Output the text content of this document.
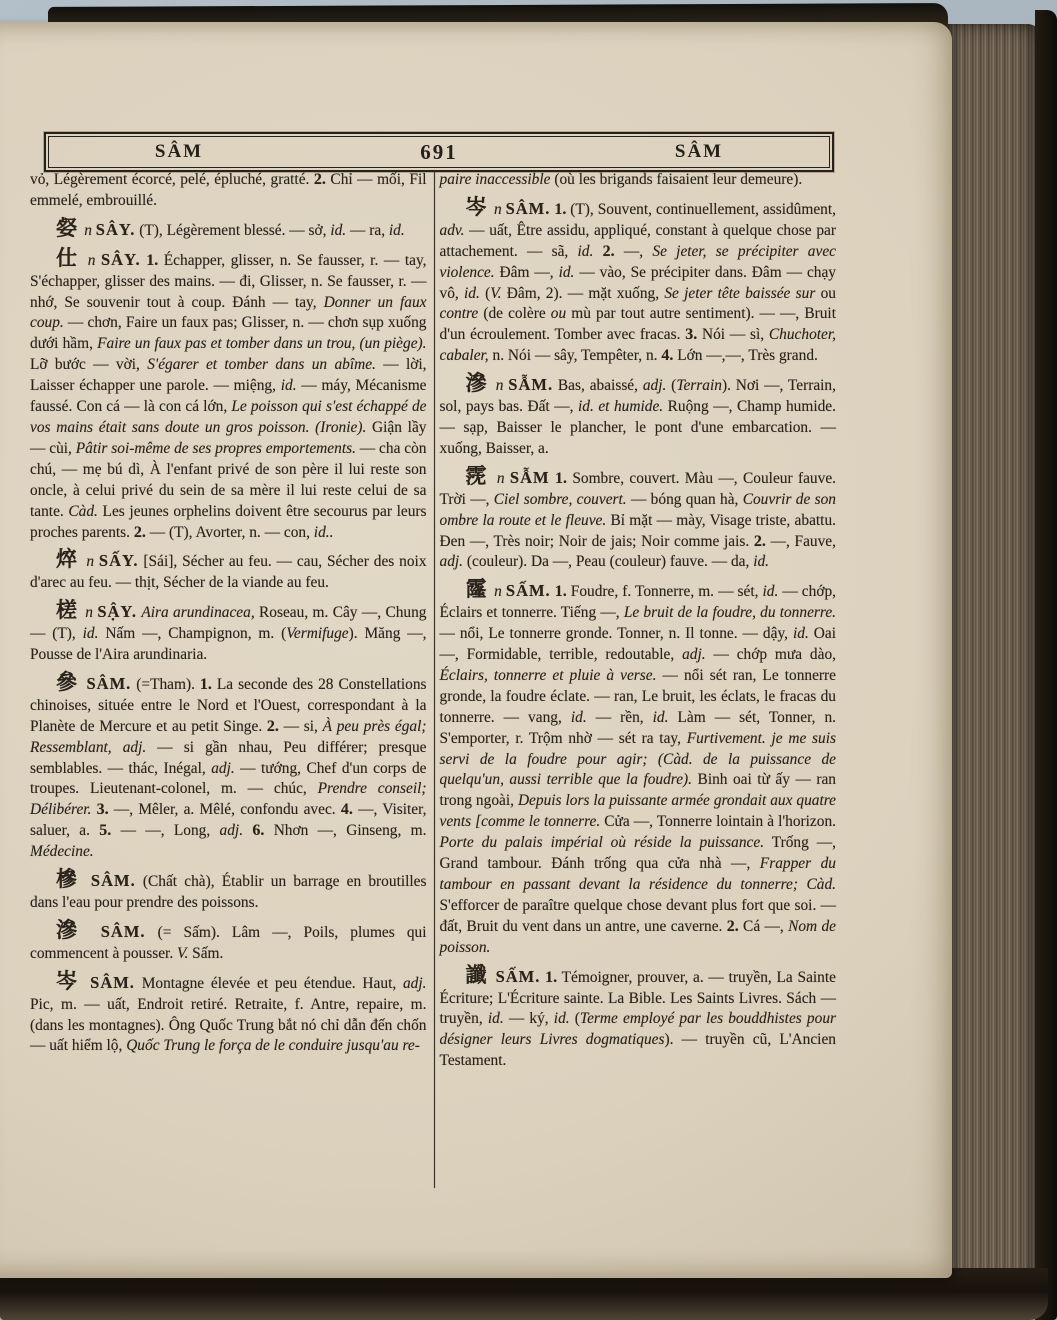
SÂM	691	SÂM

vỏ, Légèrement écorcé, pelé, épluché, gratté. 2. Chỉ — mối, Fil emmelé, embrouillé.

㛑 n SÂY. (T), Légèrement blessé. — sở, id. — ra, id.

仕 n SÂY. 1. Échapper, glisser, n. Se fausser, r. — tay, S'échapper, glisser des mains. — đi, Glisser, n. Se fausser, r. — nhớ, Se souvenir tout à coup. Đánh — tay, Donner un faux coup. — chơn, Faire un faux pas; Glisser, n. — chơn sụp xuống dưới hầm, Faire un faux pas et tomber dans un trou, (un piège). Lỡ bước — vời, S'égarer et tomber dans un abîme. — lời, Laisser échapper une parole. — miệng, id. — máy, Mécanisme faussé. Con cá — là con cá lớn, Le poisson qui s'est échappé de vos mains était sans doute un gros poisson. (Ironie). Giận lầy — cùi, Pâtir soi-même de ses propres emportements. — cha còn chú, — mẹ bú dì, À l'enfant privé de son père il lui reste son oncle, à celui privé du sein de sa mère il lui reste celui de sa tante. Càd. Les jeunes orphelins doivent être secourus par leurs proches parents. 2. — (T), Avorter, n. — con, id..

焠 n SẤY. [Sái], Sécher au feu. — cau, Sécher des noix d'arec au feu. — thịt, Sécher de la viande au feu.

槎 n SẬY. Aira arundinacea, Roseau, m. Cây —, Chung — (T), id. Nấm —, Champignon, m. (Vermifuge). Măng —, Pousse de l'Aira arundinaria.

參 SÂM. (=Tham). 1. La seconde des 28 Constellations chinoises, située entre le Nord et l'Ouest, correspondant à la Planète de Mercure et au petit Singe. 2. — si, À peu près égal; Ressemblant, adj. — si gần nhau, Peu différer; presque semblables. — thác, Inégal, adj. — tướng, Chef d'un corps de troupes. Lieutenant-colonel, m. — chúc, Prendre conseil; Délibérer. 3. —, Mêler, a. Mêlé, confondu avec. 4. —, Visiter, saluer, a. 5. — —, Long, adj. 6. Nhơn —, Ginseng, m. Médecine.

槮 SÂM. (Chất chà), Établir un barrage en broutilles dans l'eau pour prendre des poissons.

滲 SÂM. (= Sấm). Lâm —, Poils, plumes qui commencent à pousser. V. Sấm.

岑 SÂM. Montagne élevée et peu étendue. Haut, adj. Pic, m. — uất, Endroit retiré. Retraite, f. Antre, repaire, m. (dans les montagnes). Ông Quốc Trung bắt nó chỉ dẫn đến chốn — uất hiểm lộ, Quốc Trung le força de le conduire jusqu'au re-

paire inaccessible (où les brigands faisaient leur demeure).

岑 n SÂM. 1. (T), Souvent, continuellement, assidûment, adv. — uất, Être assidu, appliqué, constant à quelque chose par attachement. — sã, id. 2. —, Se jeter, se précipiter avec violence. Đâm —, id. — vào, Se précipiter dans. Đâm — chạy vô, id. (V. Đâm, 2). — mặt xuống, Se jeter tête baissée sur ou contre (de colère ou mù par tout autre sentiment). — —, Bruit d'un écroulement. Tomber avec fracas. 3. Nói — sì, Chuchoter, cabaler, n. Nói — sây, Tempêter, n. 4. Lớn —,—, Très grand.

滲 n SẪM. Bas, abaissé, adj. (Terrain). Nơi —, Terrain, sol, pays bas. Đất —, id. et humide. Ruộng —, Champ humide. — sạp, Baisser le plancher, le pont d'une embarcation. — xuống, Baisser, a.

霃 n SẪM 1. Sombre, couvert. Màu —, Couleur fauve. Trời —, Ciel sombre, couvert. — bóng quan hà, Couvrir de son ombre la route et le fleuve. Bỉ mặt — mày, Visage triste, abattu. Đen —, Très noir; Noir de jais; Noir comme jais. 2. —, Fauve, adj. (couleur). Da —, Peau (couleur) fauve. — da, id.

霳 n SẤM. 1. Foudre, f. Tonnerre, m. — sét, id. — chớp, Éclairs et tonnerre. Tiếng —, Le bruit de la foudre, du tonnerre. — nổi, Le tonnerre gronde. Tonner, n. Il tonne. — dậy, id. Oai —, Formidable, terrible, redoutable, adj. — chớp mưa dào, Éclairs, tonnerre et pluie à verse. — nổi sét ran, Le tonnerre gronde, la foudre éclate. — ran, Le bruit, les éclats, le fracas du tonnerre. — vang, id. — rền, id. Làm — sét, Tonner, n. S'emporter, r. Trộm nhờ — sét ra tay, Furtivement. je me suis servi de la foudre pour agir; (Càd. de la puissance de quelqu'un, aussi terrible que la foudre). Binh oai từ ấy — ran trong ngoài, Depuis lors la puissante armée grondait aux quatre vents [comme le tonnerre. Cửa —, Tonnerre lointain à l'horizon. Porte du palais impérial où réside la puissance. Trống —, Grand tambour. Đánh trống qua cửa nhà —, Frapper du tambour en passant devant la résidence du tonnerre; Càd. S'efforcer de paraître quelque chose devant plus fort que soi. — đất, Bruit du vent dans un antre, une caverne. 2. Cá —, Nom de poisson.

讖 SẤM. 1. Témoigner, prouver, a. — truyền, La Sainte Écriture; L'Écriture sainte. La Bible. Les Saints Livres. Sách — truyền, id. — ký, id. (Terme employé par les bouddhistes pour désigner leurs Livres dogmatiques). — truyền cũ, L'Ancien Testament.
